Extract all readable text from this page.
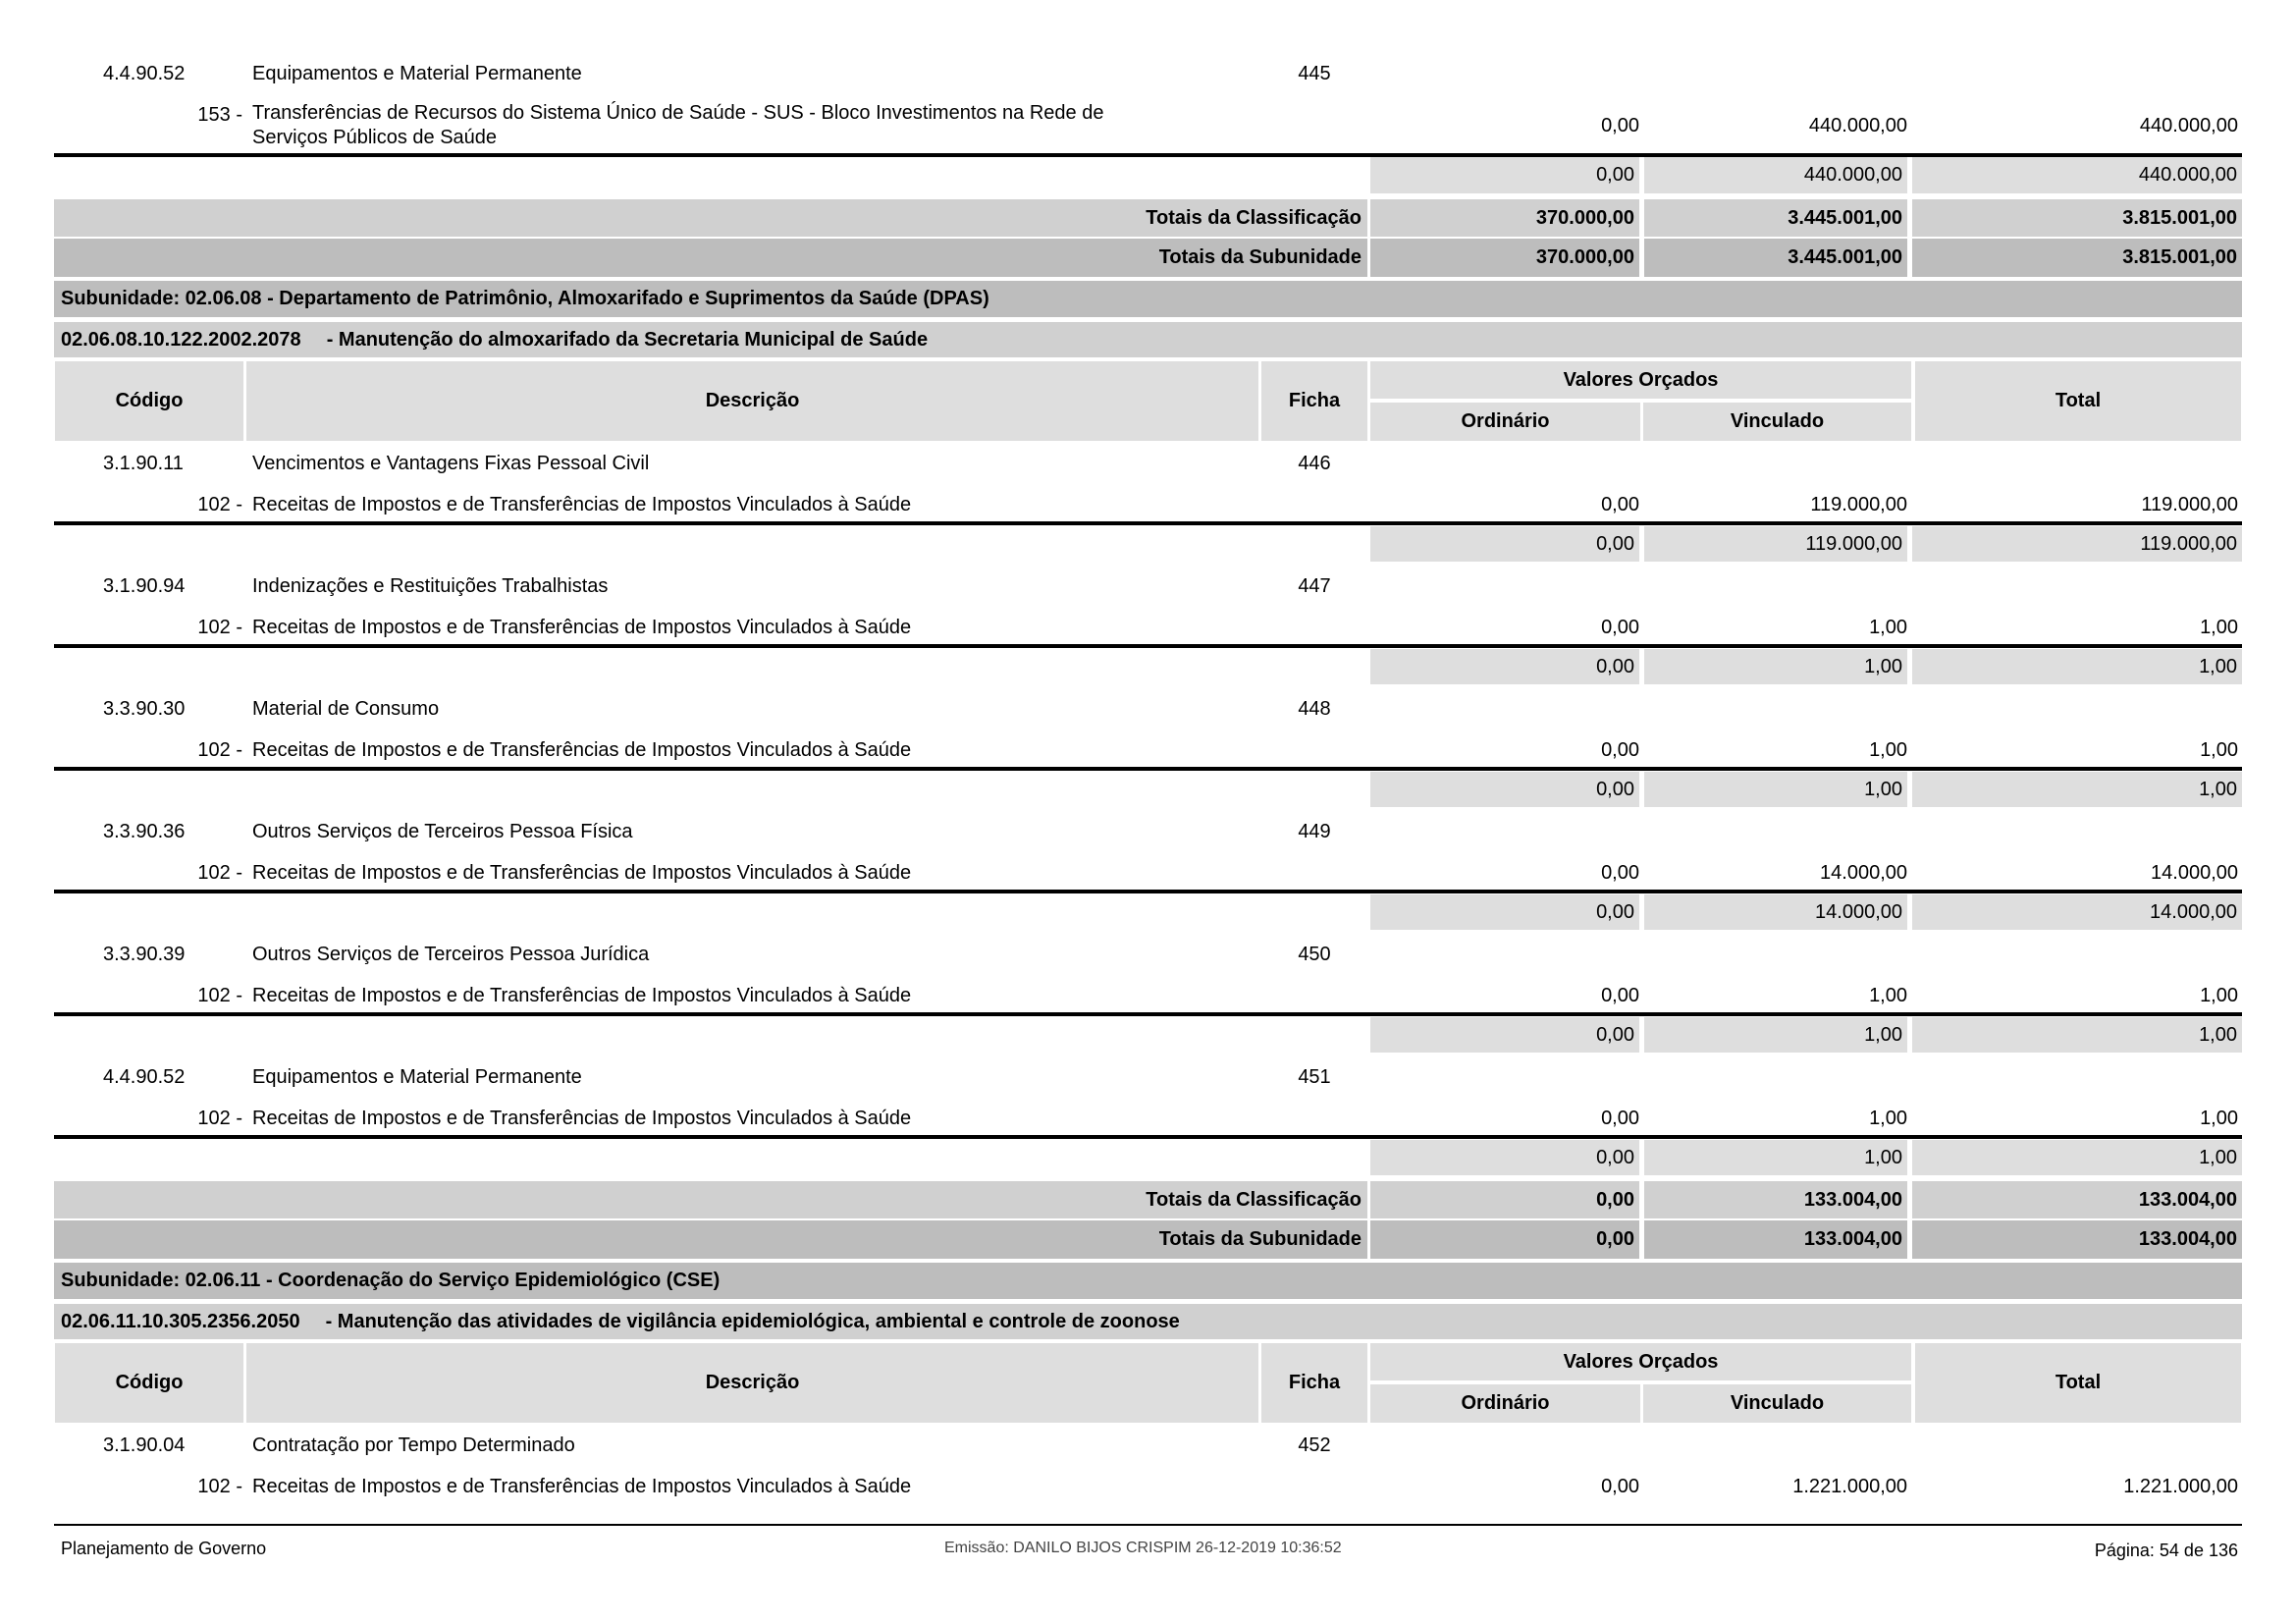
4.4.90.52	Equipamentos e Material Permanente	445
153 - Transferências de Recursos do Sistema Único de Saúde - SUS - Bloco Investimentos na Rede de
Serviços Públicos de Saúde
0,00	440.000,00	440.000,00
0,00	440.000,00	440.000,00
Totais da Classificação	370.000,00	3.445.001,00	3.815.001,00
Totais da Subunidade	370.000,00	3.445.001,00	3.815.001,00
Subunidade: 02.06.08 - Departamento de Patrimônio, Almoxarifado e Suprimentos da Saúde (DPAS)
02.06.08.10.122.2002.2078 - Manutenção do almoxarifado da Secretaria Municipal de Saúde
Código	Descrição	Ficha
Valores Orçados
Ordinário	Vinculado
Total
3.1.90.11	Vencimentos e Vantagens Fixas Pessoal Civil	446
102 - Receitas de Impostos e de Transferências de Impostos Vinculados à Saúde	0,00	119.000,00	119.000,00
0,00	119.000,00	119.000,00
3.1.90.94	Indenizações e Restituições Trabalhistas	447
102 - Receitas de Impostos e de Transferências de Impostos Vinculados à Saúde	0,00	1,00	1,00
0,00	1,00	1,00
3.3.90.30	Material de Consumo	448
102 - Receitas de Impostos e de Transferências de Impostos Vinculados à Saúde	0,00	1,00	1,00
0,00	1,00	1,00
3.3.90.36	Outros Serviços de Terceiros Pessoa Física	449
102 - Receitas de Impostos e de Transferências de Impostos Vinculados à Saúde	0,00	14.000,00	14.000,00
0,00	14.000,00	14.000,00
3.3.90.39	Outros Serviços de Terceiros Pessoa Jurídica	450
102 - Receitas de Impostos e de Transferências de Impostos Vinculados à Saúde	0,00	1,00	1,00
0,00	1,00	1,00
4.4.90.52	Equipamentos e Material Permanente	451
102 - Receitas de Impostos e de Transferências de Impostos Vinculados à Saúde	0,00	1,00	1,00
0,00	1,00	1,00
Totais da Classificação	0,00	133.004,00	133.004,00
Totais da Subunidade	0,00	133.004,00	133.004,00
Subunidade: 02.06.11 - Coordenação do Serviço Epidemiológico (CSE)
02.06.11.10.305.2356.2050 - Manutenção das atividades de vigilância epidemiológica, ambiental e controle de zoonose
Código	Descrição	Ficha
Valores Orçados
Ordinário	Vinculado
Total
3.1.90.04	Contratação por Tempo Determinado	452
102 - Receitas de Impostos e de Transferências de Impostos Vinculados à Saúde	0,00	1.221.000,00	1.221.000,00
Planejamento de Governo	Emissão: DANILO BIJOS CRISPIM 26-12-2019 10:36:52	Página: 54 de 136
